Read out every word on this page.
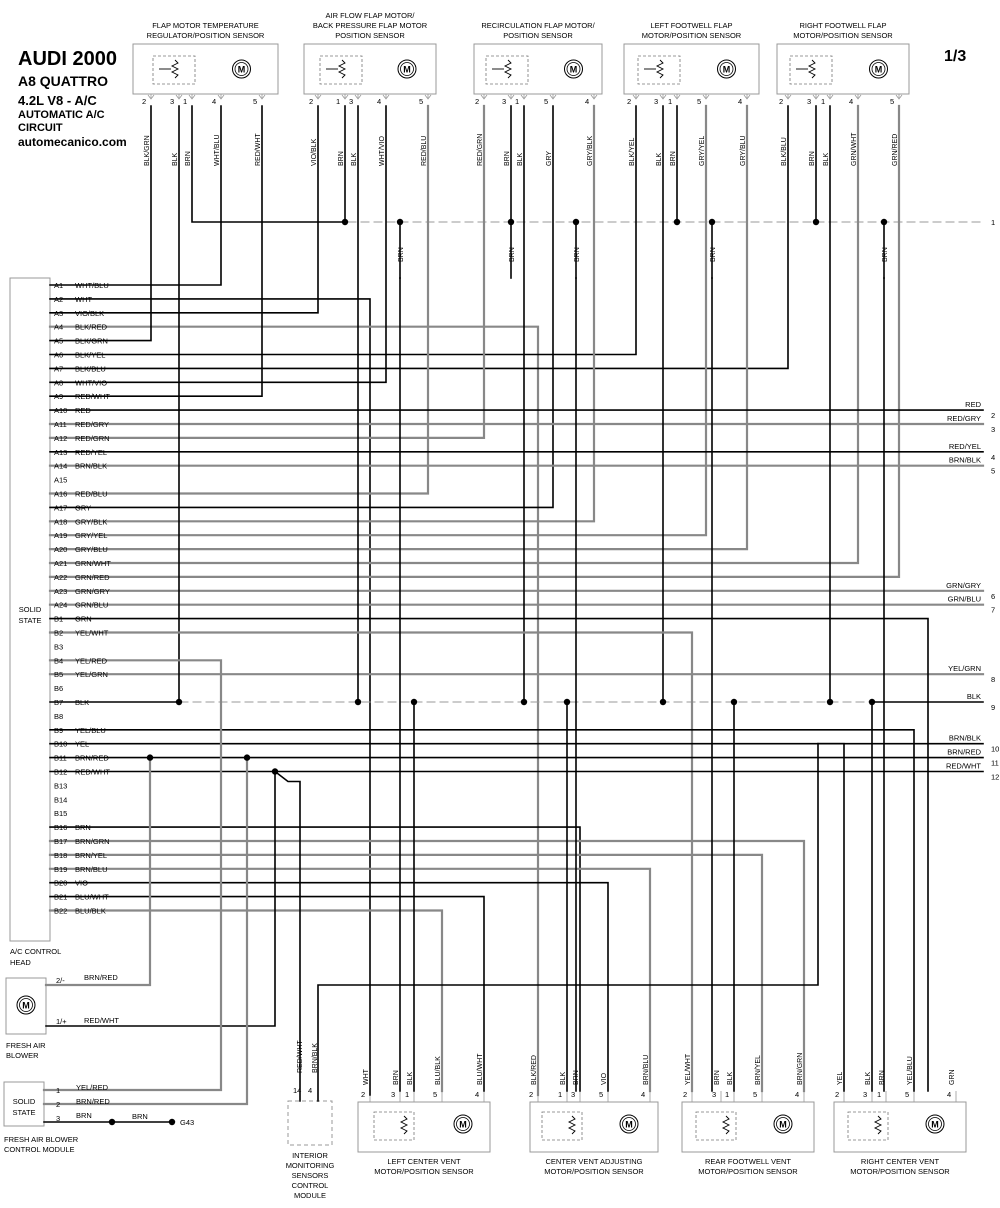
AUDI 2000
A8 QUATTRO
4.2L V8 - A/C
AUTOMATIC A/C
CIRCUIT
automecanico.com
1/3
FLAP MOTOR TEMPERATURE
REGULATOR/POSITION SENSOR
M
2
BLK/GRN
3
BLK
1
BRN
4
WHT/BLU
5
RED/WHT
AIR FLOW FLAP MOTOR/
BACK PRESSURE FLAP MOTOR
POSITION SENSOR
M
2
VIO/BLK
1
BRN
3
BLK
4
WHT/VIO
5
RED/BLU
RECIRCULATION FLAP MOTOR/
POSITION SENSOR
M
2
RED/GRN
3
BRN
1
BLK
5
GRY
4
GRY/BLK
LEFT FOOTWELL FLAP
MOTOR/POSITION SENSOR
M
2
BLK/YEL
3
BLK
1
BRN
5
GRY/YEL
4
GRY/BLU
RIGHT FOOTWELL FLAP
MOTOR/POSITION SENSOR
M
2
BLK/BLU
3
BRN
1
BLK
4
GRN/WHT
5
GRN/RED
1
2
RED
3
RED/GRY
4
RED/YEL
5
BRN/BLK
6
GRN/GRY
7
GRN/BLU
8
YEL/GRN
9
BLK
10
BRN/BLK
11
BRN/RED
12
RED/WHT
BRN	BRN	BRN	BRN	BRN
SOLID
STATE
A/C CONTROL
HEAD
A1 WHT/BLU
A2 WHT
A3 VIO/BLK
A4 BLK/RED
A5 BLK/GRN
A6 BLK/YEL
A7 BLK/BLU
A8 WHT/VIO
A9 RED/WHT
A10 RED
A11 RED/GRY
A12 RED/GRN
A13 RED/YEL
A14 BRN/BLK
A15
A16 RED/BLU
A17 GRY
A18 GRY/BLK
A19 GRY/YEL
A20 GRY/BLU
A21 GRN/WHT
A22 GRN/RED
A23 GRN/GRY
A24 GRN/BLU
B1 GRN
B2 YEL/WHT
B3
B4 YEL/RED
B5 YEL/GRN
B6
B7 BLK
B8
B9 YEL/BLU
B10 YEL
B11 BRN/RED
B12 RED/WHT
B13
B14
B15
B16 BRN
B17 BRN/GRN
B18 BRN/YEL
B19 BRN/BLU
B20 VIO
B21 BLU/WHT
B22 BLU/BLK
LEFT CENTER VENT
MOTOR/POSITION SENSOR
M
2
WHT
3
BRN
1
BLK
5
BLU/BLK
4
BLU/WHT
CENTER VENT ADJUSTING
MOTOR/POSITION SENSOR
M
2
BLK/RED
1
BLK
3
BRN
5
VIO
4
BRN/BLU
REAR FOOTWELL VENT
MOTOR/POSITION SENSOR
M
2
YEL/WHT
3
BRN
1
BLK
5
BRN/YEL
4
BRN/GRN
RIGHT CENTER VENT
MOTOR/POSITION SENSOR
M
2
YEL
3
BLK
1
BRN
5
YEL/BLU
4
GRN
M
2/-
1/+
BRN/RED
RED/WHT
FRESH AIR
BLOWER
SOLID
STATE
FRESH AIR BLOWER
CONTROL MODULE
1 YEL/RED
2 BRN/RED
3 BRN	BRN
G43
14 4
RED/WHT BRN/BLK
INTERIOR
MONITORING
SENSORS
CONTROL
MODULE
